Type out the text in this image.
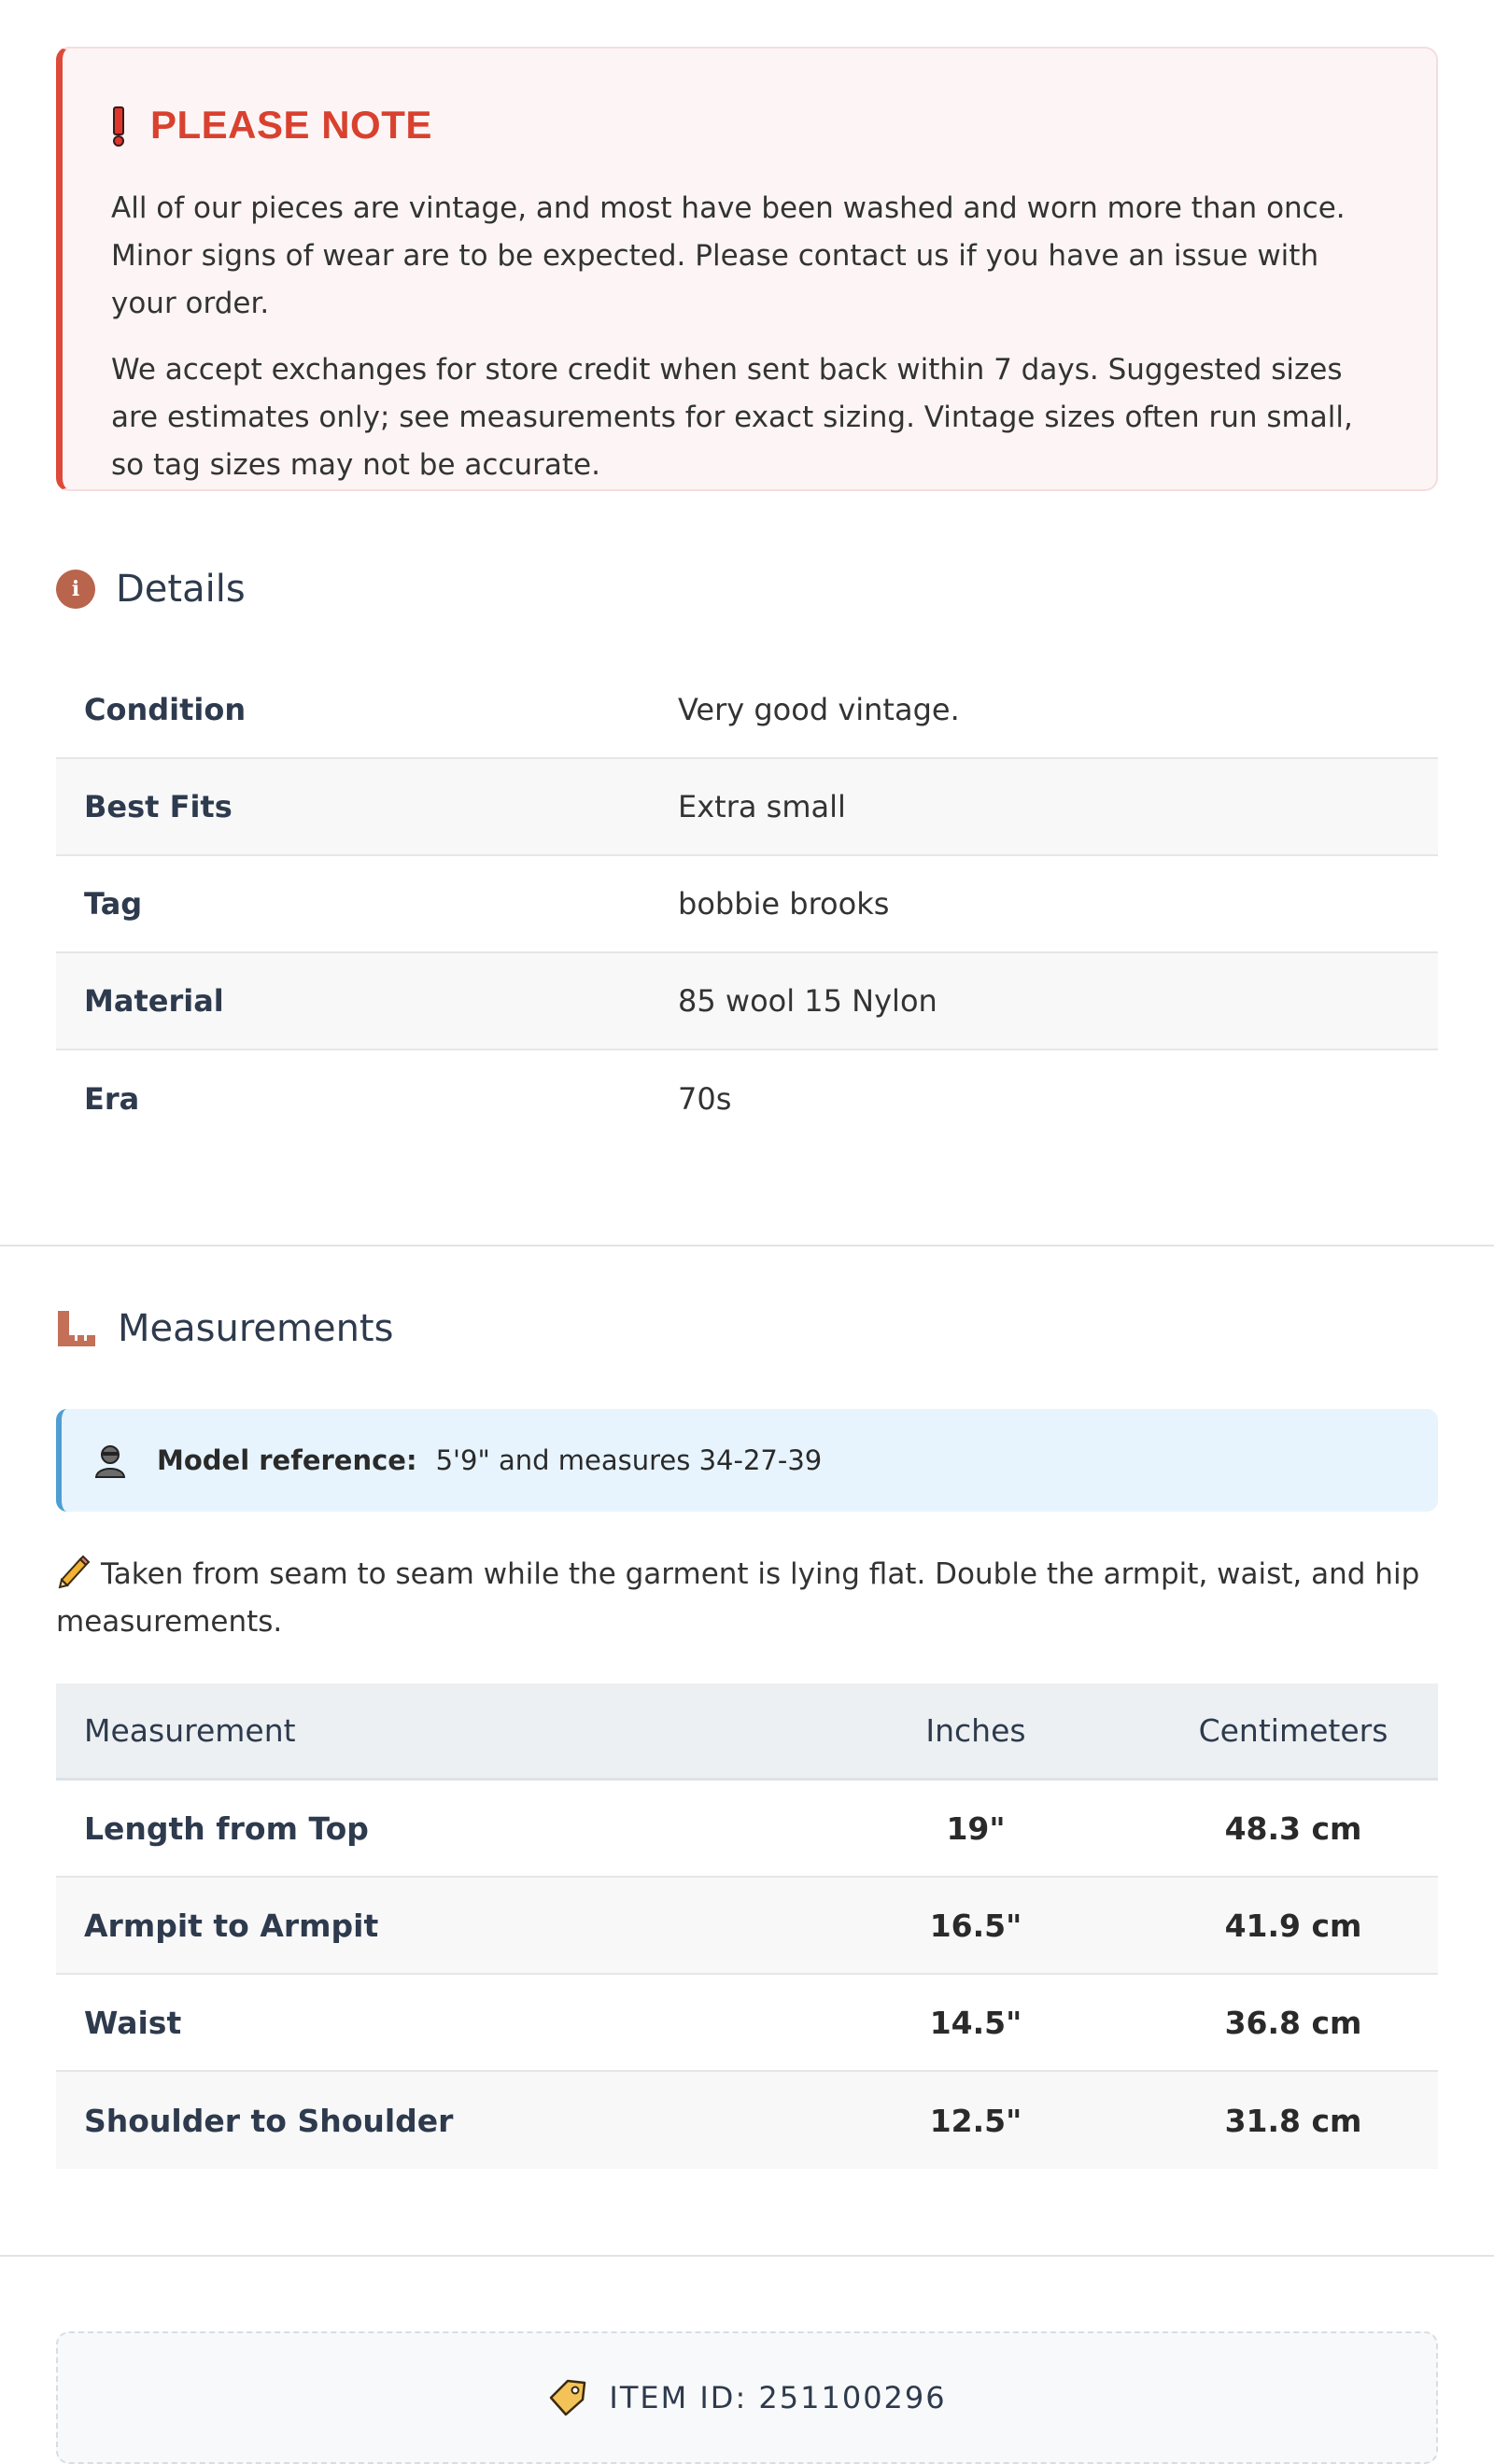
PLEASE NOTE

All of our pieces are vintage, and most have been washed and worn more than once. Minor signs of wear are to be expected. Please contact us if you have an issue with your order.

We accept exchanges for store credit when sent back within 7 days. Suggested sizes are estimates only; see measurements for exact sizing. Vintage sizes often run small, so tag sizes may not be accurate.

i Details
Condition	Very good vintage.
Best Fits	Extra small
Tag	bobbie brooks
Material	85 wool 15 Nylon
Era	70s
Measurements
Model reference: 5'9" and measures 34-27-39

Taken from seam to seam while the garment is lying flat. Double the armpit, waist, and hip measurements.

Measurement	Inches	Centimeters
Length from Top	19"	48.3 cm
Armpit to Armpit	16.5"	41.9 cm
Waist	14.5"	36.8 cm
Shoulder to Shoulder	12.5"	31.8 cm
ITEM ID: 251100296
